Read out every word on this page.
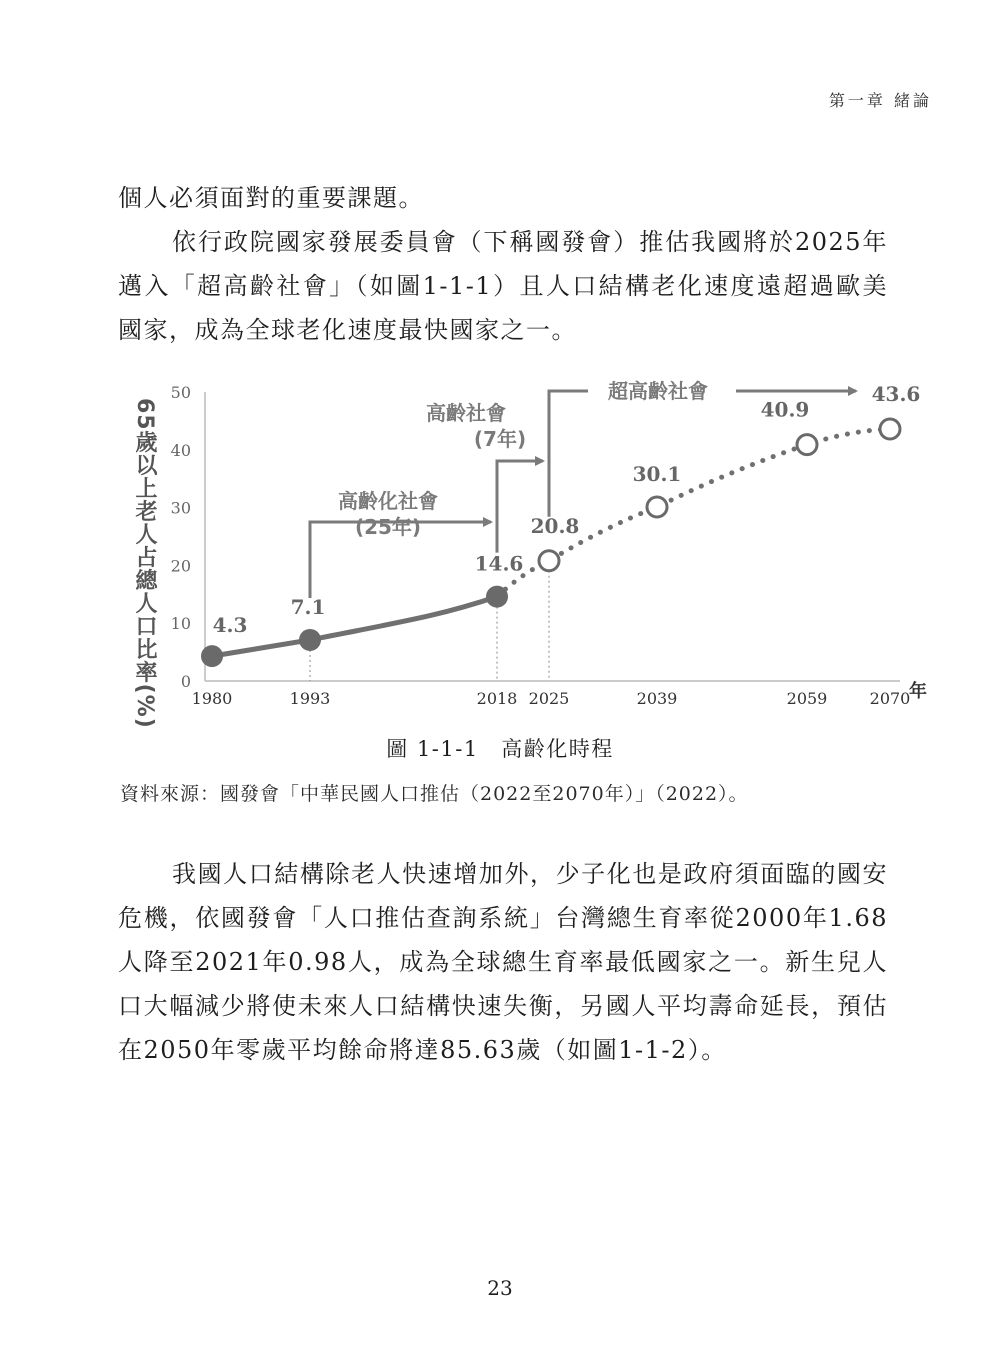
第一章 緒論

個人必須面對的重要課題。

依行政院國家發展委員會（下稱國發會）推估我國將於2025年邁入「超高齡社會」（如圖1-1-1）且人口結構老化速度遠超過歐美國家，成為全球老化速度最快國家之一。

65歲以上老人占總人口比率(%) 0
10
20
30
40
50
1980	1993	2018 2025	2039	2059	2070
年
4.3
7.1
14.6
20.8
30.1
40.9
43.6
高齡化社會
(25年)
高齡社會
(7年)
超高齡社會
圖 1-1-1　高齡化時程
資料來源：國發會「中華民國人口推估（2022至2070年）」（2022）。

我國人口結構除老人快速增加外，少子化也是政府須面臨的國安危機，依國發會「人口推估查詢系統」台灣總生育率從2000年1.68人降至2021年0.98人，成為全球總生育率最低國家之一。新生兒人口大幅減少將使未來人口結構快速失衡，另國人平均壽命延長，預估在2050年零歲平均餘命將達85.63歲（如圖1-1-2）。

23
